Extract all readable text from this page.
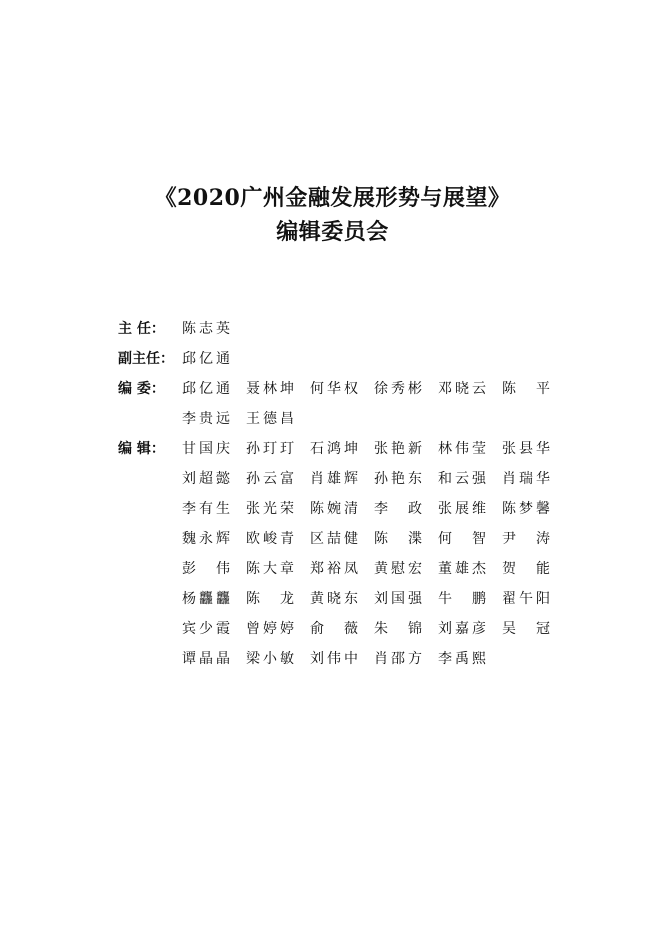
《2020广州金融发展形势与展望》
编辑委员会
主 任：	陈志英
副主任： 邱亿通
编 委：	邱亿通	聂林坤	何华权	徐秀彬	邓晓云	陈 平
李贵远	王德昌
编 辑：	甘国庆	孙玎玎	石鸿坤	张艳新	林伟莹	张县华
刘超懿	孙云富	肖雄辉	孙艳东	和云强	肖瑞华
李有生	张光荣	陈婉清	李 政	张展维	陈梦馨
魏永辉	欧峻青	区喆健	陈 渫	何 智	尹 涛
彭 伟	陈大章	郑裕凤	黄慰宏	董雄杰	贺 能
杨龘龘	陈 龙	黄晓东	刘国强	牛 鹏	翟午阳
宾少霞	曾婷婷	俞 薇	朱 锦	刘嘉彦	吴 冠
谭晶晶	梁小敏	刘伟中	肖邵方	李禹熙
